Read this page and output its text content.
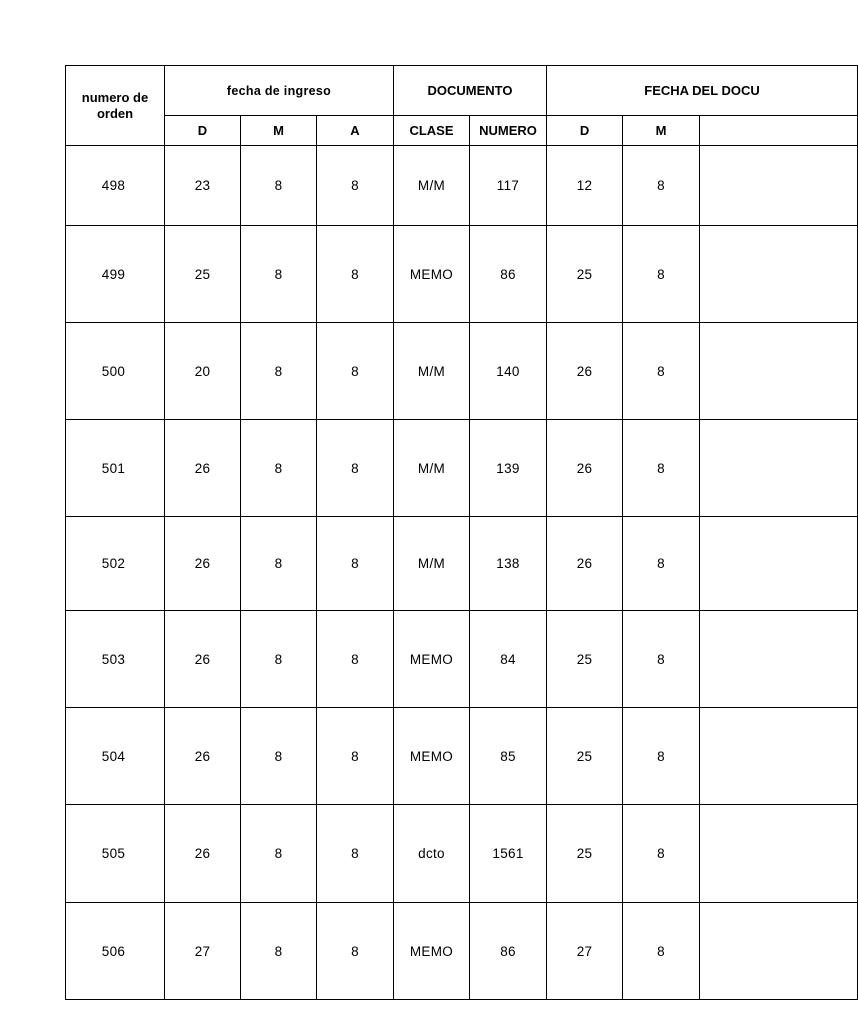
numero de
orden	fecha de ingreso			DOCUMENTO		FECHA DEL DOCU		
	D	M	A	CLASE	NUMERO	D	M	
498	23	8	8	M/M	117	12	8	
499	25	8	8	MEMO	86	25	8	
500	20	8	8	M/M	140	26	8	
501	26	8	8	M/M	139	26	8	
502	26	8	8	M/M	138	26	8	
503	26	8	8	MEMO	84	25	8	
504	26	8	8	MEMO	85	25	8	
505	26	8	8	dcto	1561	25	8	
506	27	8	8	MEMO	86	27	8	
